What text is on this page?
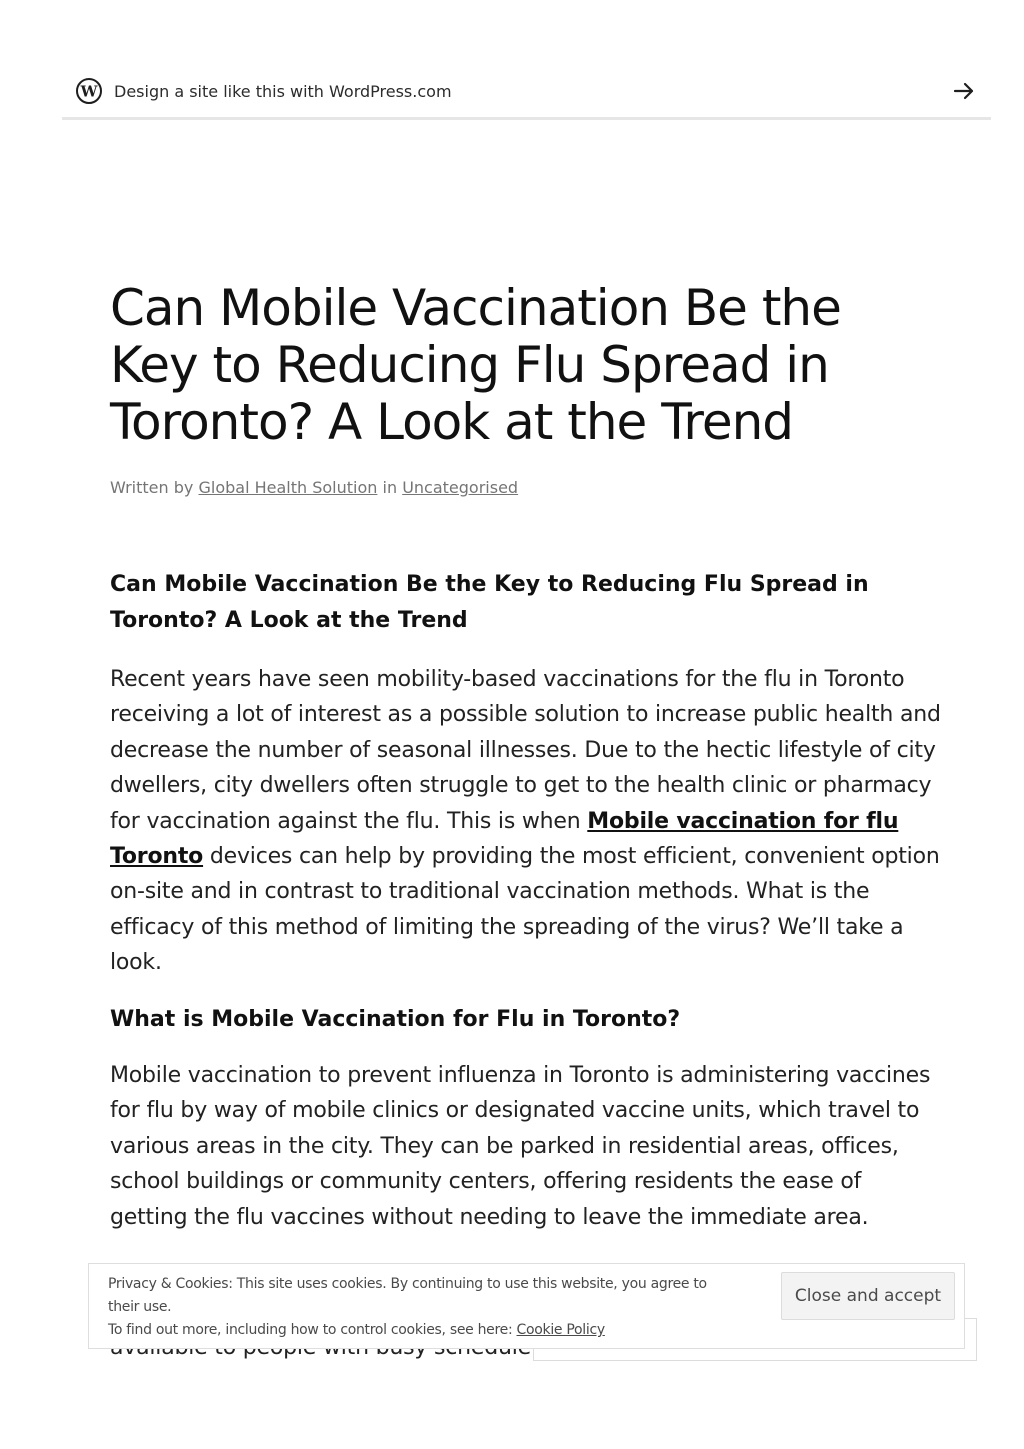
W Design a site like this with WordPress.com
Can Mobile Vaccination Be the Key to Reducing Flu Spread in Toronto? A Look at the Trend
Written by Global Health Solution in Uncategorised
Can Mobile Vaccination Be the Key to Reducing Flu Spread in Toronto? A Look at the Trend

Recent years have seen mobility-based vaccinations for the flu in Toronto receiving a lot of interest as a possible solution to increase public health and decrease the number of seasonal illnesses. Due to the hectic lifestyle of city dwellers, city dwellers often struggle to get to the health clinic or pharmacy for vaccination against the flu. This is when Mobile vaccination for flu Toronto devices can help by providing the most efficient, convenient option on-site and in contrast to traditional vaccination methods. What is the efficacy of this method of limiting the spreading of the virus? We’ll take a look.

What is Mobile Vaccination for Flu in Toronto?

Mobile vaccination to prevent influenza in Toronto is administering vaccines for flu by way of mobile clinics or designated vaccine units, which travel to various areas in the city. They can be parked in residential areas, offices, school buildings or community centers, offering residents the ease of getting the flu vaccines without needing to leave the immediate area.

Privacy & Cookies: This site uses cookies. By continuing to use this website, you agree to their use.
To find out more, including how to control cookies, see here: Cookie Policy
Close and accept
